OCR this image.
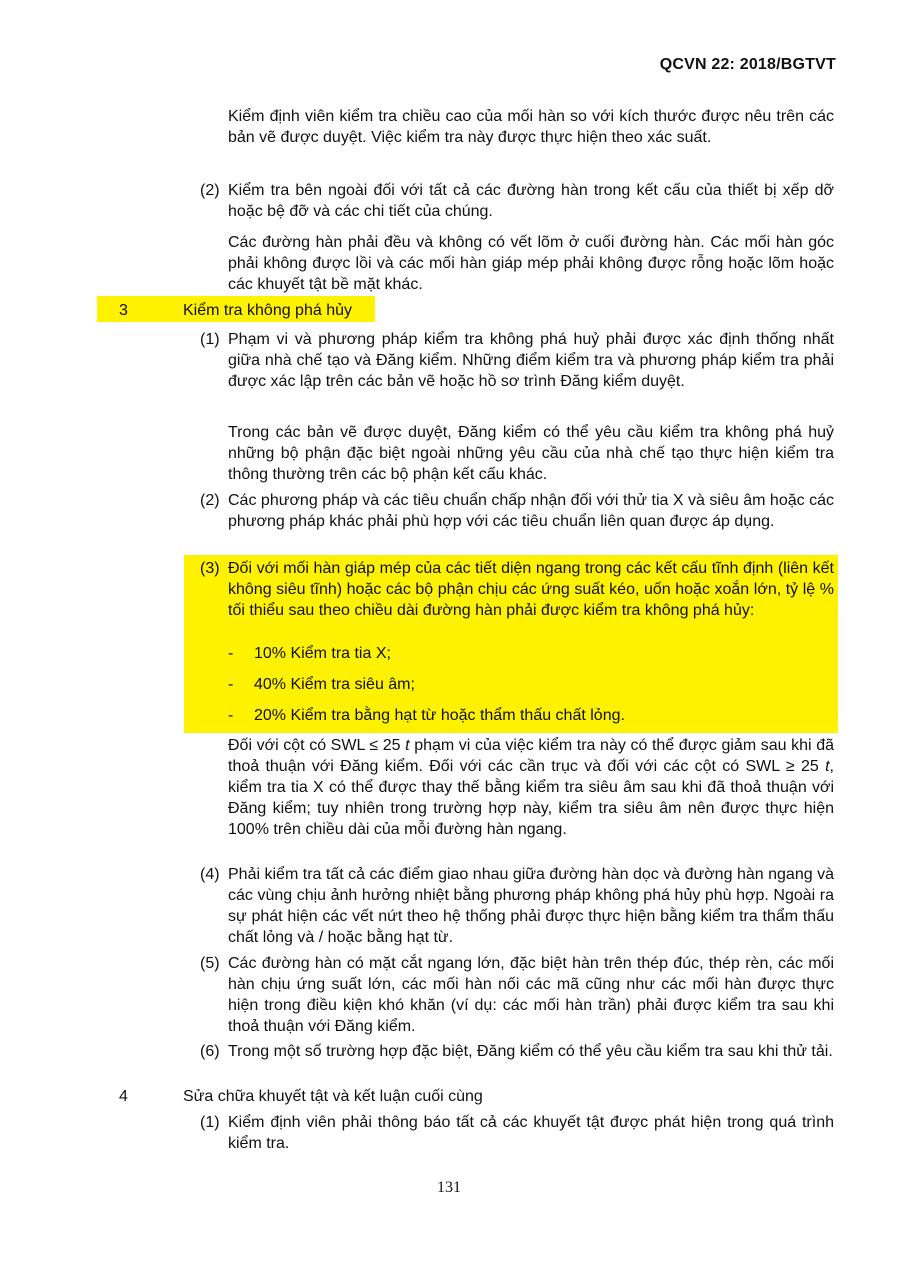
QCVN 22: 2018/BGTVT

Kiểm định viên kiểm tra chiều cao của mối hàn so với kích thước được nêu trên các bản vẽ được duyệt. Việc kiểm tra này được thực hiện theo xác suất.

(2) Kiểm tra bên ngoài đối với tất cả các đường hàn trong kết cấu của thiết bị xếp dỡ hoặc bệ đỡ và các chi tiết của chúng.

Các đường hàn phải đều và không có vết lõm ở cuối đường hàn. Các mối hàn góc phải không được lồi và các mối hàn giáp mép phải không được rỗng hoặc lõm hoặc các khuyết tật bề mặt khác.

3	Kiểm tra không phá hủy
(1) Phạm vi và phương pháp kiểm tra không phá huỷ phải được xác định thống nhất giữa nhà chế tạo và Đăng kiểm. Những điểm kiểm tra và phương pháp kiểm tra phải được xác lập trên các bản vẽ hoặc hồ sơ trình Đăng kiểm duyệt.

Trong các bản vẽ được duyệt, Đăng kiểm có thể yêu cầu kiểm tra không phá huỷ những bộ phận đặc biệt ngoài những yêu cầu của nhà chế tạo thực hiện kiểm tra thông thường trên các bộ phận kết cấu khác.

(2) Các phương pháp và các tiêu chuẩn chấp nhận đối với thử tia X và siêu âm hoặc các phương pháp khác phải phù hợp với các tiêu chuẩn liên quan được áp dụng.

(3) Đối với mối hàn giáp mép của các tiết diện ngang trong các kết cấu tĩnh định (liên kết không siêu tĩnh) hoặc các bộ phận chịu các ứng suất kéo, uốn hoặc xoắn lớn, tỷ lệ % tối thiểu sau theo chiều dài đường hàn phải được kiểm tra không phá hủy:

- 10% Kiểm tra tia X;
- 40% Kiểm tra siêu âm;
- 20% Kiểm tra bằng hạt từ hoặc thẩm thấu chất lỏng.

Đối với cột có SWL ≤ 25 t phạm vi của việc kiểm tra này có thể được giảm sau khi đã thoả thuận với Đăng kiểm. Đối với các cần trục và đối với các cột có SWL ≥ 25 t, kiểm tra tia X có thể được thay thế bằng kiểm tra siêu âm sau khi đã thoả thuận với Đăng kiểm; tuy nhiên trong trường hợp này, kiểm tra siêu âm nên được thực hiện 100% trên chiều dài của mỗi đường hàn ngang.

(4) Phải kiểm tra tất cả các điểm giao nhau giữa đường hàn dọc và đường hàn ngang và các vùng chịu ảnh hưởng nhiệt bằng phương pháp không phá hủy phù hợp. Ngoài ra sự phát hiện các vết nứt theo hệ thống phải được thực hiện bằng kiểm tra thẩm thấu chất lỏng và / hoặc bằng hạt từ.

(5) Các đường hàn có mặt cắt ngang lớn, đặc biệt hàn trên thép đúc, thép rèn, các mối hàn chịu ứng suất lớn, các mối hàn nối các mã cũng như các mối hàn được thực hiện trong điều kiện khó khăn (ví dụ: các mối hàn trần) phải được kiểm tra sau khi thoả thuận với Đăng kiểm.

(6) Trong một số trường hợp đặc biệt, Đăng kiểm có thể yêu cầu kiểm tra sau khi thử tải.

4	Sửa chữa khuyết tật và kết luận cuối cùng
(1) Kiểm định viên phải thông báo tất cả các khuyết tật được phát hiện trong quá trình kiểm tra.

131
